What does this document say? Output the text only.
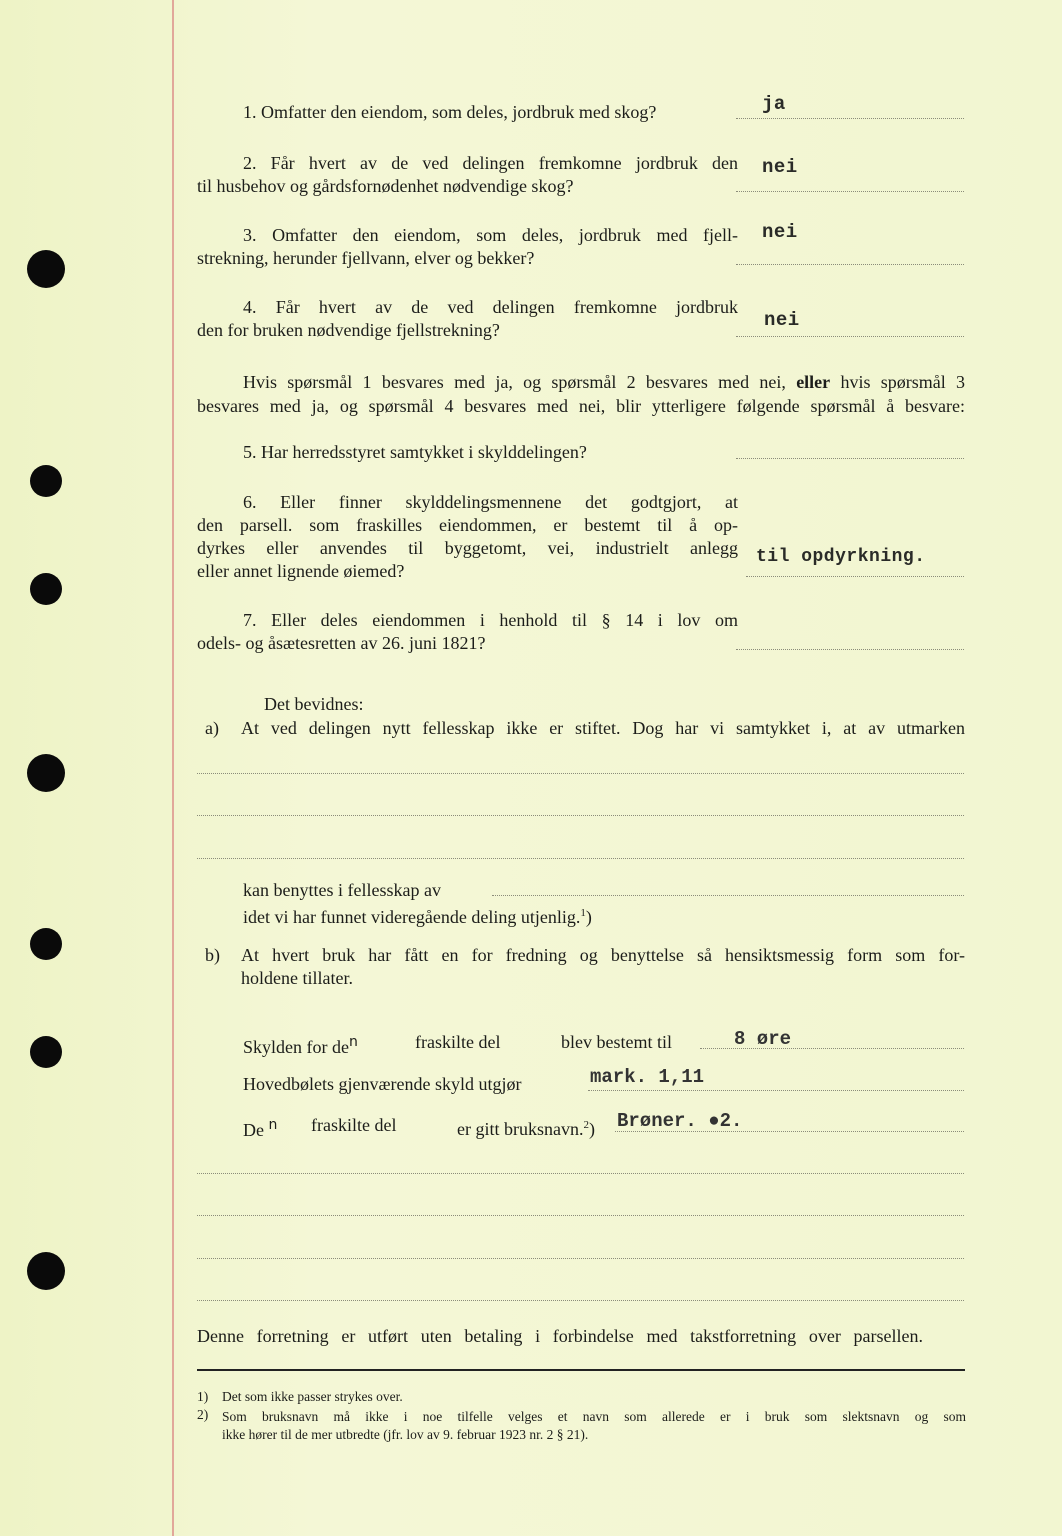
1. Omfatter den eiendom, som deles, jordbruk med skog?	ja
2. Får hvert av de ved delingen fremkomne jordbruk den
til husbehov og gårdsfornødenhet nødvendige skog?
nei
3. Omfatter den eiendom, som deles, jordbruk med fjell-
strekning, herunder fjellvann, elver og bekker?
nei
4. Får hvert av de ved delingen fremkomne jordbruk
den for bruken nødvendige fjellstrekning?	nei
Hvis spørsmål 1 besvares med ja, og spørsmål 2 besvares med nei, eller hvis spørsmål 3
besvares med ja, og spørsmål 4 besvares med nei, blir ytterligere følgende spørsmål å besvare:
5. Har herredsstyret samtykket i skylddelingen?
6. Eller finner skylddelingsmennene det godtgjort, at
den parsell. som fraskilles eiendommen, er bestemt til å op-
dyrkes eller anvendes til byggetomt, vei, industrielt anlegg
eller annet lignende øiemed?
til opdyrkning.
7. Eller deles eiendommen i henhold til § 14 i lov om
odels- og åsætesretten av 26. juni 1821?
Det bevidnes:
a) At ved delingen nytt fellesskap ikke er stiftet. Dog har vi samtykket i, at av utmarken
kan benyttes i fellesskap av
idet vi har funnet videregående deling utjenlig.$^1$)
b) At hvert bruk har fått en for fredning og benyttelse så hensiktsmessig form som for-
holdene tillater.
Skylden for $de^n$	fraskilte del	blev bestemt til	8 øre
Hovedbølets gjenværende skyld utgjør	mark. 1,11
De $^n$ fraskilte del	er gitt bruksnavn.$^2$) Brøner. ●2.
Denne forretning er utført uten betaling i forbindelse med takstforretning over parsellen.
1) Det som ikke passer strykes over.
2) Som bruksnavn må ikke i noe tilfelle velges et navn som allerede er i bruk som slektsnavn og som
ikke hører til de mer utbredte (jfr. lov av 9. februar 1923 nr. 2 § 21).
